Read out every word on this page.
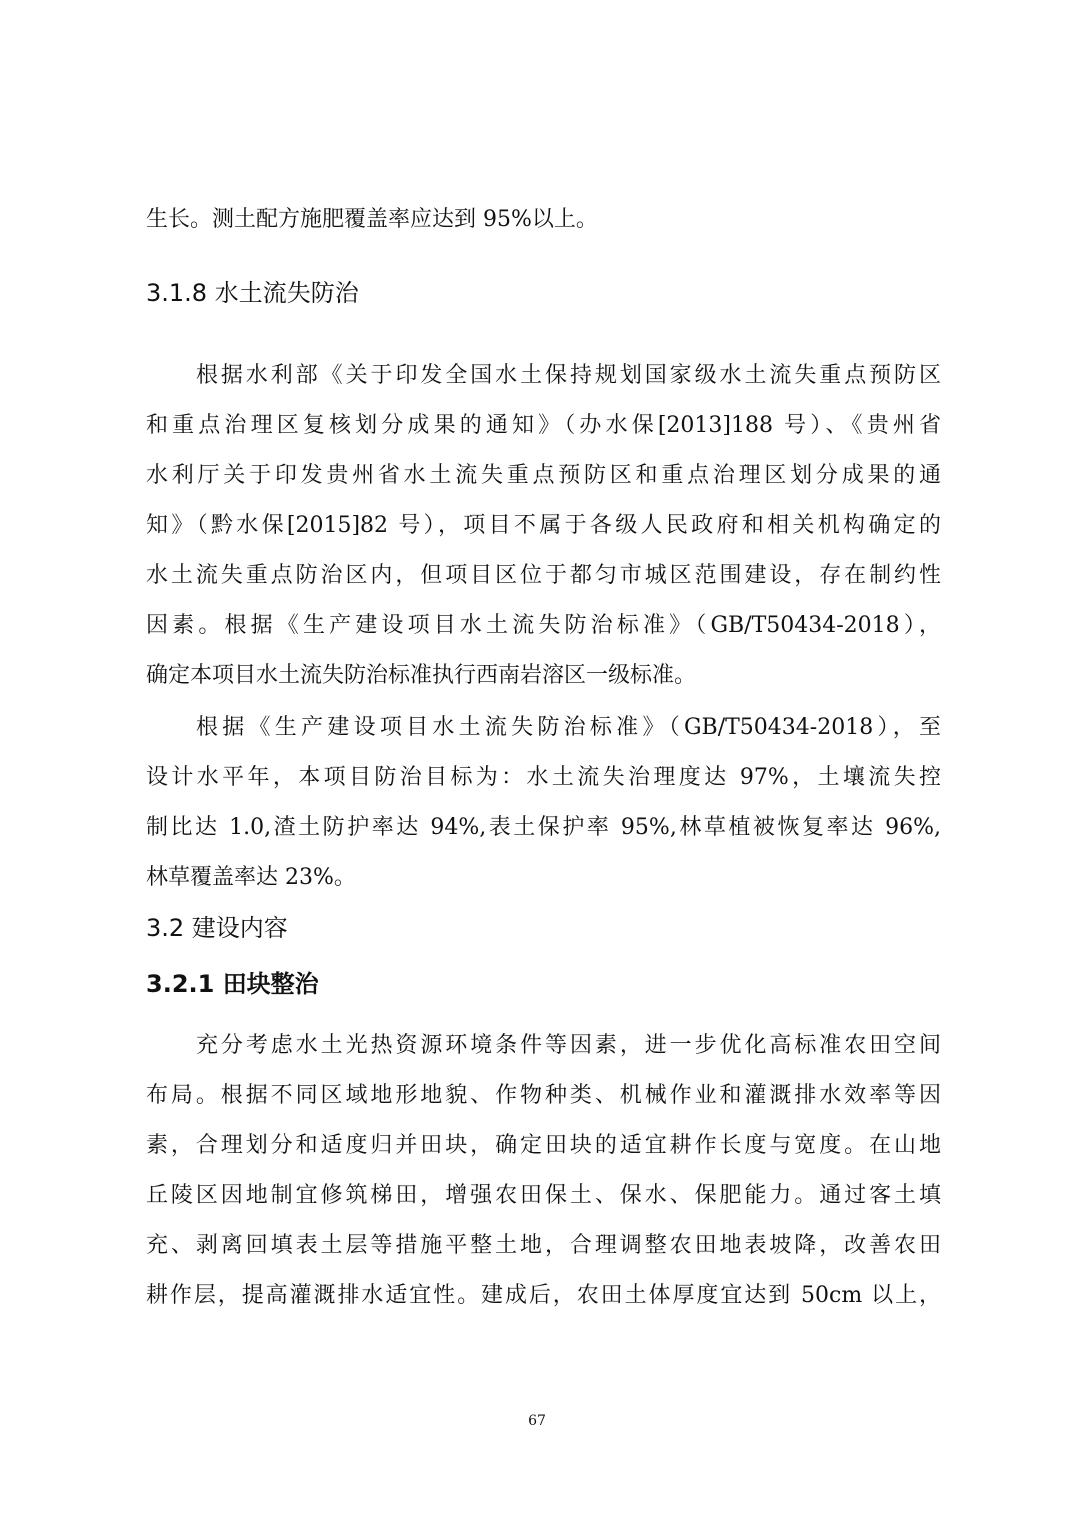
生长。测土配方施肥覆盖率应达到 95%以上。
3.1.8 水土流失防治
根据水利部《关于印发全国水土保持规划国家级水土流失重点预防区
和重点治理区复核划分成果的通知》（办水保[2013]188 号）、《贵州省
水利厅关于印发贵州省水土流失重点预防区和重点治理区划分成果的通
知》（黔水保[2015]82 号），项目不属于各级人民政府和相关机构确定的
水土流失重点防治区内，但项目区位于都匀市城区范围建设，存在制约性
因素。根据《生产建设项目水土流失防治标准》（GB/T50434-2018），
确定本项目水土流失防治标准执行西南岩溶区一级标准。
根据《生产建设项目水土流失防治标准》（GB/T50434-2018），至
设计水平年，本项目防治目标为：水土流失治理度达 97%，土壤流失控
制比达 1.0,渣土防护率达 94%,表土保护率 95%,林草植被恢复率达 96%,
林草覆盖率达 23%。
3.2 建设内容
3.2.1 田块整治
充分考虑水土光热资源环境条件等因素，进一步优化高标准农田空间
布局。根据不同区域地形地貌、作物种类、机械作业和灌溉排水效率等因
素，合理划分和适度归并田块，确定田块的适宜耕作长度与宽度。在山地
丘陵区因地制宜修筑梯田，增强农田保土、保水、保肥能力。通过客土填
充、剥离回填表土层等措施平整土地，合理调整农田地表坡降，改善农田
耕作层，提高灌溉排水适宜性。建成后，农田土体厚度宜达到 50cm 以上，
67
